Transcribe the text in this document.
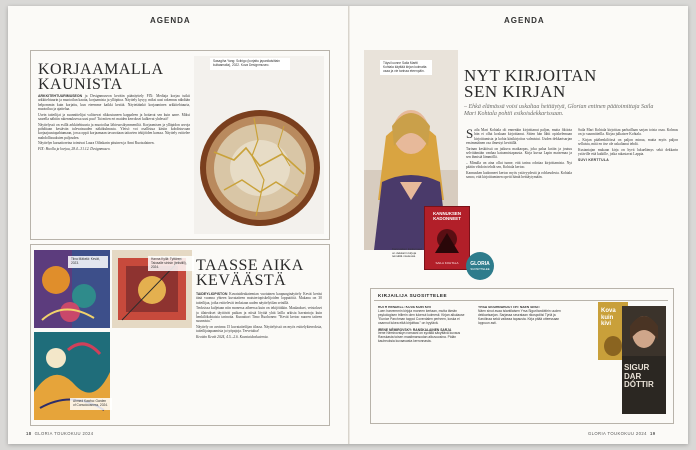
AGENDA
KORJAAMALLA
KAUNISTA

ARKKITEHTUURIMUSEON ja Designmuseon kevään päänäyttely FIX: Mediaja korjaa tutkii arkkitehtuurin ja muotoilun kautta, korjaamista ja ylläpitoa. Näyttely kysyy, miksi uusi rakennus nähdään helpommin kuin korjattu, kun eteemme kaikki kestää. Näytetäänkö korjaaminen arkkitehtuuria, muotoilua ja ajattelua.

Usein taiteilijat ja suunnittelijat valitsevat rikkoutuneen kappaleen ja hoitavat sen kuin aarre. Miksi saarella nähtiin rakennuksessa uusi puu? Tai miten eri maiden kerrokset kulkevat yhdessä?

Näyttelyssä on esillä arkkitehtuuria ja muotoilua lähivuosikymmeniltä. Korjaamisen ja ylläpidon arvoja pohditaan kestävän tulevaisuuden näkökulmasta. Yleisö voi osallistua käsiin kohdistuvaan korjaajuustapahtumaan, jossa oppii korjaamaan tavaroitaan taitavien tekijöiden kanssa. Näyttely esittelee mahdollisuuksien paljouden.

Näyttelyn kuraattoreina toimivat Laura Oilinkarin pituinen ja Anni Ruotsalainen.

FIX: Huolla ja korjaa, 28.4.–31.12. Designmuseo.

Sasagiha Yang: Scibigo (korjattu japanilaisittain kultaamalla), 2022. Kuva Designmuseo.
Tiina Mäkelä: Kevät, 2023.
Hanna Kyllä: Tyttären Taivaalle sinisin (tekstiili), 2024.
Ahmed Kawha: Garden of Consciousness, 2024.
TAASSE AIKA
KEVÄÄSTÄ

TAIDEYLIOPISTON Kuvataideakatemian vuotuinen kaupunginäyttely Kevät keräsi tänä vuonna yhteen kuvataiteen maisteriopiskelijoiden lopputöitä. Mukana on 30 taiteilijaa, jotka esittelevät teoksiaan uuden näyttelytilan seinillä.

Teoksissa kuljetaan niin monessa aiheessa kuin on tekijöitäkin. Maalaukset, veistokset ja tilateokset täyttävät paikan ja niistä löytää yhtä lailla arkisia havaintoja kuin henkilökohtaisia tarinoita. Kuraattori Timo Ruohonen: ”Kevät kertoo nuoren taiteen suunnista.”

Näyttely on avoinna 15 kuvataiteilijan tilassa. Näyttelyissä on myös esittelykierroksia, taiteilijatapaamisia ja työpajoja. Tervetuloa!

Kevään Kevät 2024, 4.5.–2.6. Kuvataideakatemia.

18 GLORIA TOUKOKUU 2024
AGENDA
Täysi luonne Saila Martti Kohtala käyttää kirjan kolmatta osaa ja vie tarinaa eteenpäin.
KANNUKSEN
KADONNEET
SAILA KOHTALA
Kannusken kadonneet on dekkarin kirjoja teimällä mielessä.
GLORIA
SUOSITTELEE
NYT KIRJOITAN
SEN KIRJAN
– Ehkä elämässä voisi uskaltaa heittäytyä, Glorian entinen päätoimittaja Saila Mari Kohtala pohtii esikoisdekkarissaan.

Saila Mari Kohtala oli ennenkin kirjoittanut paljon, mutta fiktiota hän ei ollut koskaan kirjoittanut. Sitten hän lähti opiskelemaan kirjoittamista ja kohta käsikirjoitus valmistui. Uuden dekkarisarjan ensimmäinen osa ilmestyi keväällä.

Tarinan keskiössä on jatkuva matkaopas, joka palaa kotiin ja joutuu selvittämään vanhaa katoamistapausta. Kirja kuvaa Lapin maisemaa ja sen ihmisiä lämmöllä.

– Minulla on aina ollut tunne, että tarina odottaa kirjoittamista. Nyt päätin vihdoin tehdä sen, Kohtala kertoo.

Kannusken kadonneet kertoo myös ystävyydestä ja rohkeudesta. Kohtala sanoo, että kirjoittaminen opetti häntä heittäytymään.

Saila Mari Kohtala kirjoittaa parhaillaan sarjan toista osaa. Kolmas on jo suunnitteilla. Kirjaa julkaisee Kohtala.

– Kirjan päähenkilöissä on paljon minua, mutta myös paljon sellaista, mitä en itse ole uskaltanut tehdä.

Kustantajan mukaan kirja on hyvä lukuelämys sekä dekkarin ystäville että kaikille, jotka rakastavat Lappia.

SUVI KERTTULA

KIRJAILIJA SUOSITTELEE
RUTH RENDELL: KOVA KUIN KIVI
Luen harvemmin kirjoja moneen kertaan, mutta tämän psykologisen trillerin olen lukenut kolmesti. Kirjan alkulause ”Eunice Parchman tappoi Coverdalen perheen, koska ei osannut lukea eikä kirjoittaa.” on hyytävä.
IRENE NÉMIROVSKY: RANSKALAINEN SARJA
Irene Némirovskyn romaani on syvällä sävyttävä kuvaus Ranskasta toisen maailmansodan alkuvuosina. Pidän kauheuksia kuvaavasta kerronnasta.
YRSA SIGURÐARDÓTTIR: NÄEN SINUT
Näen sinut avaa islantilaisen Yrsa Sigurðardóttirin uuden dekkarisarjan. Sarjassa seurataan rikospoliisi Týriä ja Karólinaa sekä vaikeaa tapausta. Kirja pitää otteessaan loppuun asti.
Kova
kuin
kivi
SIGUR
DAR
DÓTTIR
GLORIA TOUKOKUU 2024 19
